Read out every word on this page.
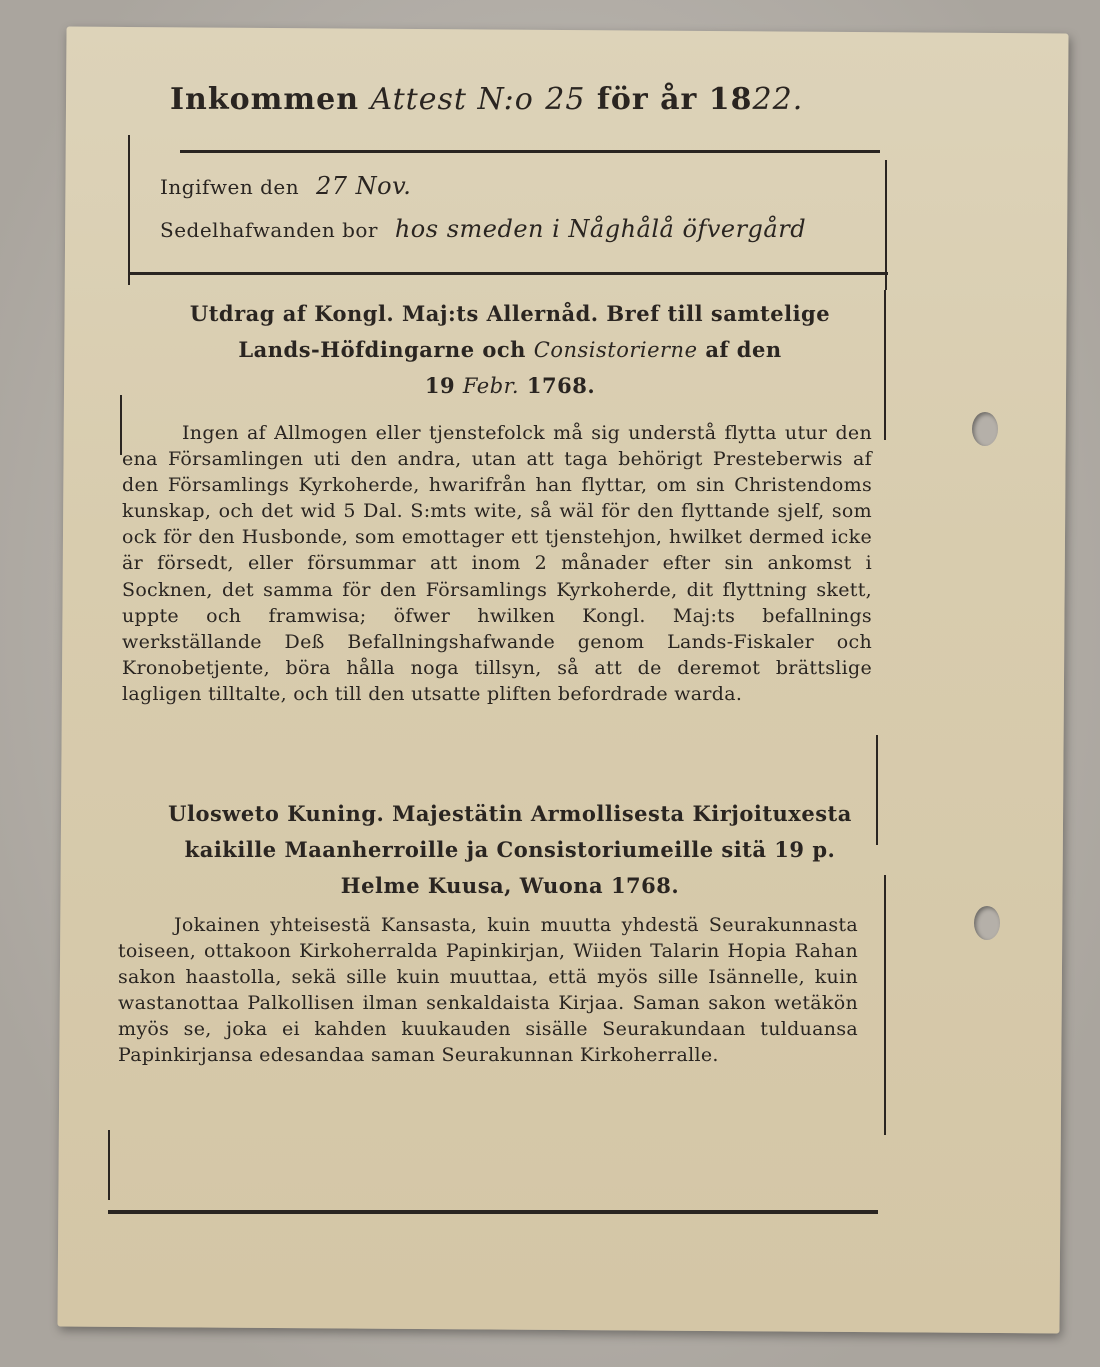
Inkommen Attest N:o 25 för år 1822.
Ingifwen den 27 Nov.
Sedelhafwanden bor hos smeden i Någhålå öfvergård
Utdrag af Kongl. Maj:ts Allernåd. Bref till samtelige
Lands-Höfdingarne och Consistorierne af den
19 Febr. 1768.
Ingen af Allmogen eller tjenstefolck må sig understå flytta utur den ena Församlingen uti den andra, utan att taga behörigt Presteberwis af den Församlings Kyrkoherde, hwarifrån han flyttar, om sin Christendoms kunskap, och det wid 5 Dal. S:mts wite, så wäl för den flyttande sjelf, som ock för den Husbonde, som emottager ett tjenstehjon, hwilket dermed icke är försedt, eller försummar att inom 2 månader efter sin ankomst i Socknen, det samma för den Församlings Kyrkoherde, dit flyttning skett, uppte och framwisa; öfwer hwilken Kongl. Maj:ts befallnings werkställande Deß Befallningshafwande genom Lands-Fiskaler och Kronobetjente, böra hålla noga tillsyn, så att de deremot brättslige lagligen tilltalte, och till den utsatte pliften befordrade warda.
Ulosweto Kuning. Majestätin Armollisesta Kirjoituxesta
kaikille Maanherroille ja Consistoriumeille sitä 19 p.
Helme Kuusa, Wuona 1768.
Jokainen yhteisestä Kansasta, kuin muutta yhdestä Seurakunnasta toiseen, ottakoon Kirkoherralda Papinkirjan, Wiiden Talarin Hopia Rahan sakon haastolla, sekä sille kuin muuttaa, että myös sille Isännelle, kuin wastanottaa Palkollisen ilman senkaldaista Kirjaa. Saman sakon wetäkön myös se, joka ei kahden kuukauden sisälle Seurakundaan tulduansa Papinkirjansa edesandaa saman Seurakunnan Kirkoherralle.
